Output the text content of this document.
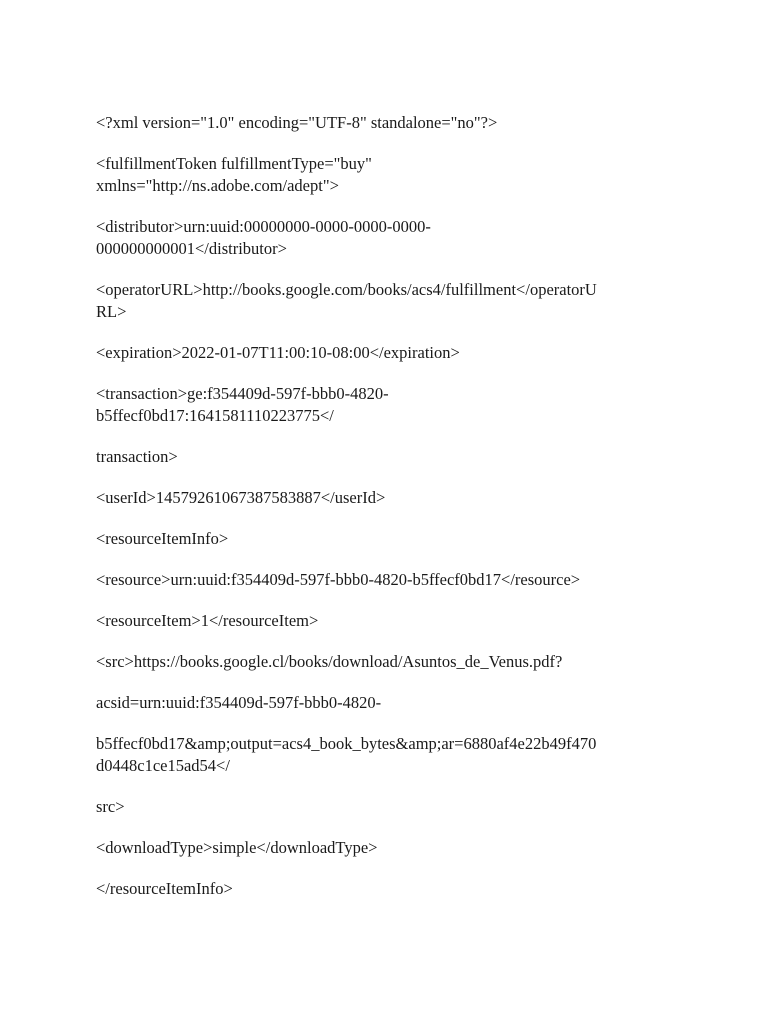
<?xml version="1.0" encoding="UTF-8" standalone="no"?>

<fulfillmentToken fulfillmentType="buy"
xmlns="http://ns.adobe.com/adept">

<distributor>urn:uuid:00000000-0000-0000-0000-
000000000001</distributor>

<operatorURL>http://books.google.com/books/acs4/fulfillment</operatorU
RL>

<expiration>2022-01-07T11:00:10-08:00</expiration>

<transaction>ge:f354409d-597f-bbb0-4820-
b5ffecf0bd17:1641581110223775</

transaction>

<userId>14579261067387583887</userId>

<resourceItemInfo>

<resource>urn:uuid:f354409d-597f-bbb0-4820-b5ffecf0bd17</resource>

<resourceItem>1</resourceItem>

<src>https://books.google.cl/books/download/Asuntos_de_Venus.pdf?

acsid=urn:uuid:f354409d-597f-bbb0-4820-

b5ffecf0bd17&amp;output=acs4_book_bytes&amp;ar=6880af4e22b49f470
d0448c1ce15ad54</

src>

<downloadType>simple</downloadType>

</resourceItemInfo>
